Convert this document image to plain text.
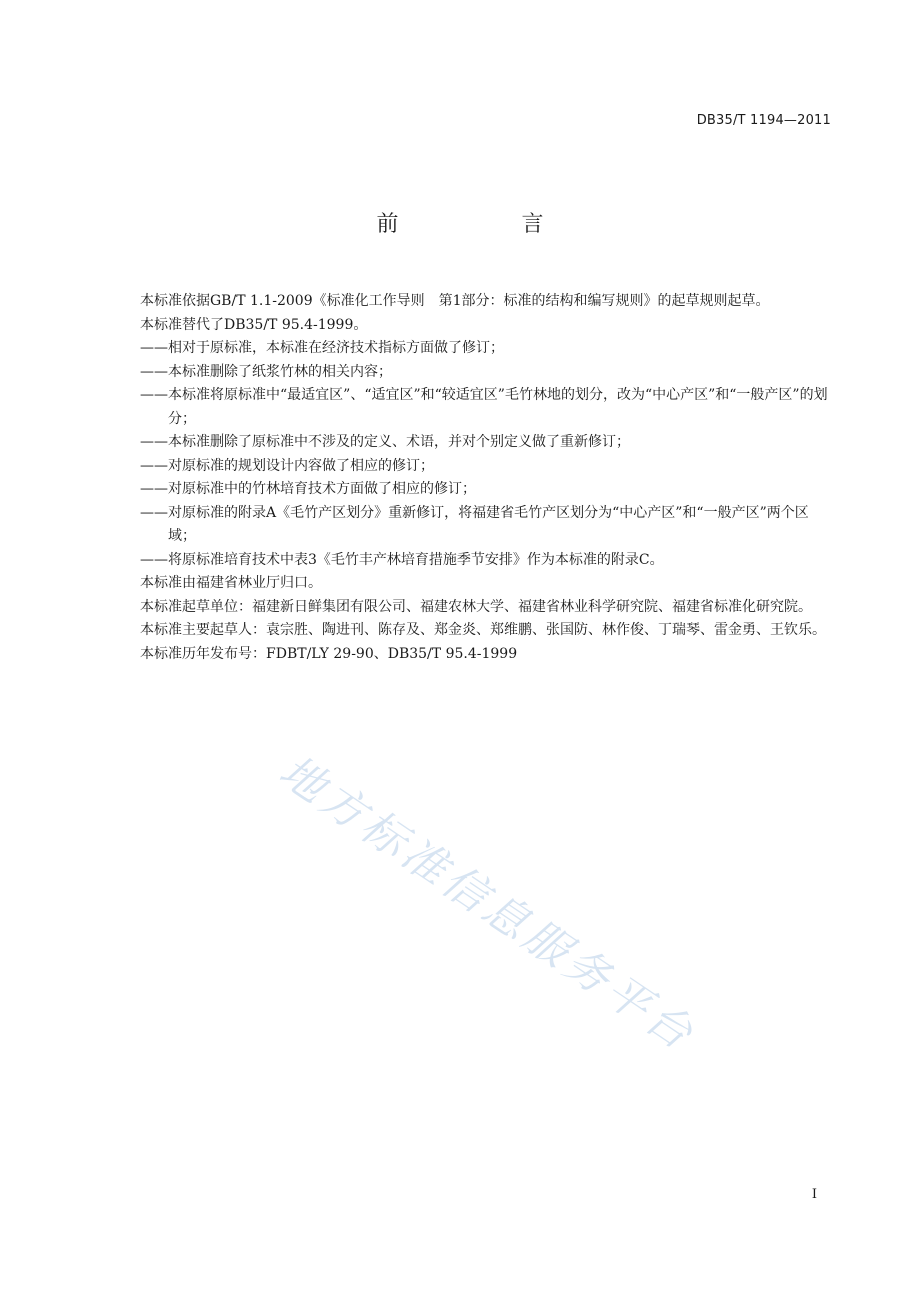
DB35/T 1194—2011
前 言

本标准依据GB/T 1.1-2009《标准化工作导则　第1部分：标准的结构和编写规则》的起草规则起草。

本标准替代了DB35/T 95.4-1999。

——相对于原标准，本标准在经济技术指标方面做了修订；

——本标准删除了纸浆竹林的相关内容；

——本标准将原标准中“最适宜区”、“适宜区”和“较适宜区”毛竹林地的划分，改为“中心产区”和“一般产区”的划分；

——本标准删除了原标准中不涉及的定义、术语，并对个别定义做了重新修订；

——对原标准的规划设计内容做了相应的修订；

——对原标准中的竹林培育技术方面做了相应的修订；

——对原标准的附录A《毛竹产区划分》重新修订，将福建省毛竹产区划分为“中心产区”和“一般产区”两个区域；

——将原标准培育技术中表3《毛竹丰产林培育措施季节安排》作为本标准的附录C。

本标准由福建省林业厅归口。

本标准起草单位：福建新日鲜集团有限公司、福建农林大学、福建省林业科学研究院、福建省标准化研究院。

本标准主要起草人：袁宗胜、陶进刊、陈存及、郑金炎、郑维鹏、张国防、林作俊、丁瑞琴、雷金勇、王钦乐。

本标准历年发布号：FDBT/LY 29-90、DB35/T 95.4-1999

地方标准信息服务平台
I
